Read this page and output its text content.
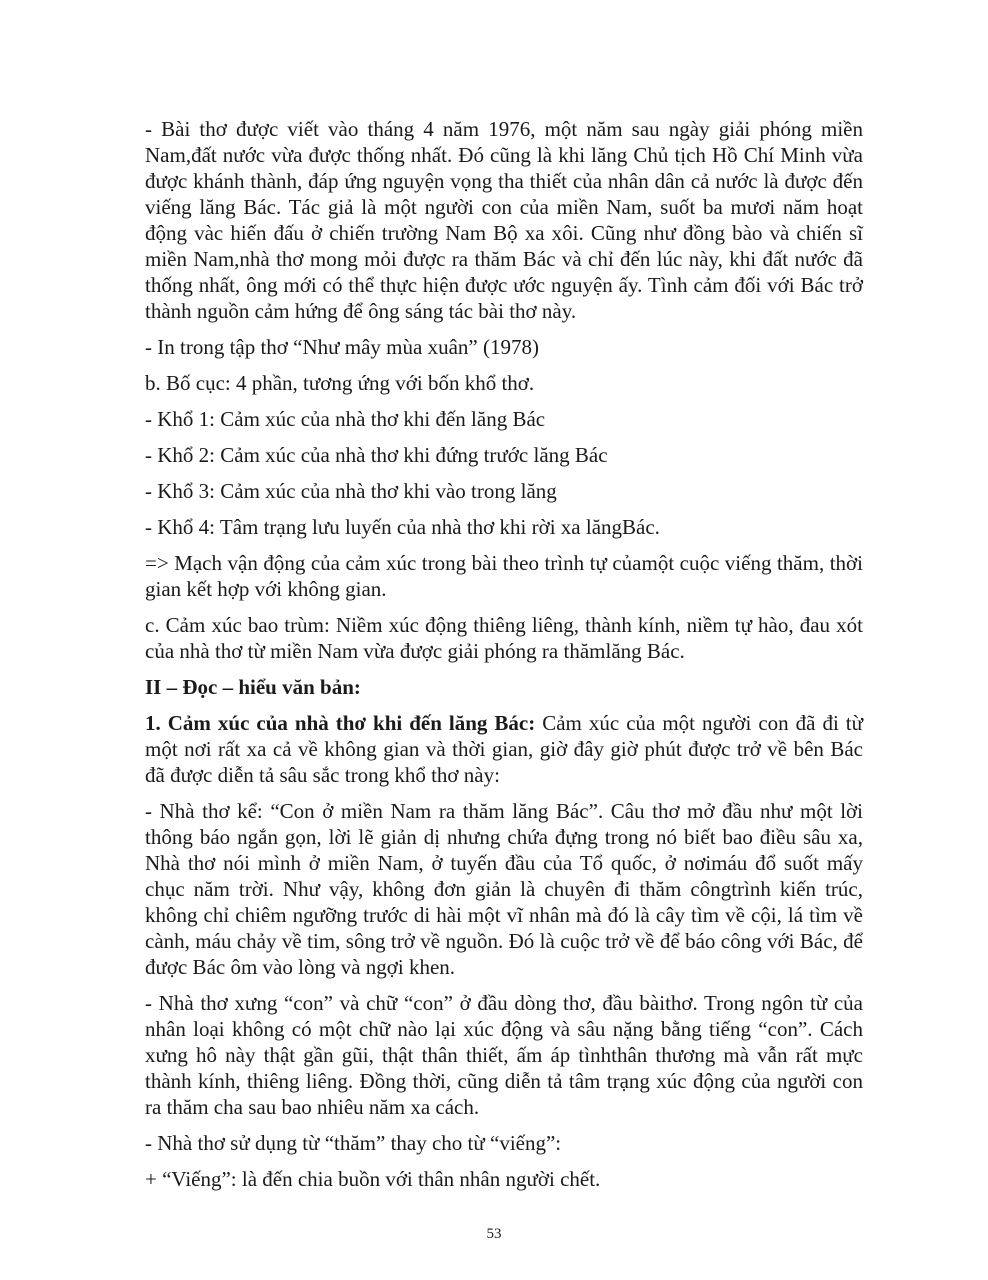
- Bài thơ được viết vào tháng 4 năm 1976, một năm sau ngày giải phóng miền Nam,đất nước vừa được thống nhất. Đó cũng là khi lăng Chủ tịch Hồ Chí Minh vừa được khánh thành, đáp ứng nguyện vọng tha thiết của nhân dân cả nước là được đến viếng lăng Bác. Tác giả là một người con của miền Nam, suốt ba mươi năm hoạt động vàc hiến đấu ở chiến trường Nam Bộ xa xôi. Cũng như đồng bào và chiến sĩ miền Nam,nhà thơ mong mỏi được ra thăm Bác và chỉ đến lúc này, khi đất nước đã thống nhất, ông mới có thể thực hiện được ước nguyện ấy. Tình cảm đối với Bác trở thành nguồn cảm hứng để ông sáng tác bài thơ này.

- In trong tập thơ “Như mây mùa xuân” (1978)

b. Bố cục: 4 phần, tương ứng với bốn khổ thơ.

- Khổ 1: Cảm xúc của nhà thơ khi đến lăng Bác

- Khổ 2: Cảm xúc của nhà thơ khi đứng trước lăng Bác

- Khổ 3: Cảm xúc của nhà thơ khi vào trong lăng

- Khổ 4: Tâm trạng lưu luyến của nhà thơ khi rời xa lăngBác.

=> Mạch vận động của cảm xúc trong bài theo trình tự củamột cuộc viếng thăm, thời gian kết hợp với không gian.

c. Cảm xúc bao trùm: Niềm xúc động thiêng liêng, thành kính, niềm tự hào, đau xót của nhà thơ từ miền Nam vừa được giải phóng ra thămlăng Bác.

II – Đọc – hiểu văn bản:

1. Cảm xúc của nhà thơ khi đến lăng Bác: Cảm xúc của một người con đã đi từ một nơi rất xa cả về không gian và thời gian, giờ đây giờ phút được trở về bên Bác đã được diễn tả sâu sắc trong khổ thơ này:

- Nhà thơ kể: “Con ở miền Nam ra thăm lăng Bác”. Câu thơ mở đầu như một lời thông báo ngắn gọn, lời lẽ giản dị nhưng chứa đựng trong nó biết bao điều sâu xa, Nhà thơ nói mình ở miền Nam, ở tuyến đầu của Tổ quốc, ở nơimáu đổ suốt mấy chục năm trời. Như vậy, không đơn giản là chuyên đi thăm côngtrình kiến trúc, không chỉ chiêm ngưỡng trước di hài một vĩ nhân mà đó là cây tìm về cội, lá tìm về cành, máu chảy về tim, sông trở về nguồn. Đó là cuộc trở về để báo công với Bác, để được Bác ôm vào lòng và ngợi khen.

- Nhà thơ xưng “con” và chữ “con” ở đầu dòng thơ, đầu bàithơ. Trong ngôn từ của nhân loại không có một chữ nào lại xúc động và sâu nặng bằng tiếng “con”. Cách xưng hô này thật gần gũi, thật thân thiết, ấm áp tìnhthân thương mà vẫn rất mực thành kính, thiêng liêng. Đồng thời, cũng diễn tả tâm trạng xúc động của người con ra thăm cha sau bao nhiêu năm xa cách.

- Nhà thơ sử dụng từ “thăm” thay cho từ “viếng”:

+ “Viếng”: là đến chia buồn với thân nhân người chết.

53
